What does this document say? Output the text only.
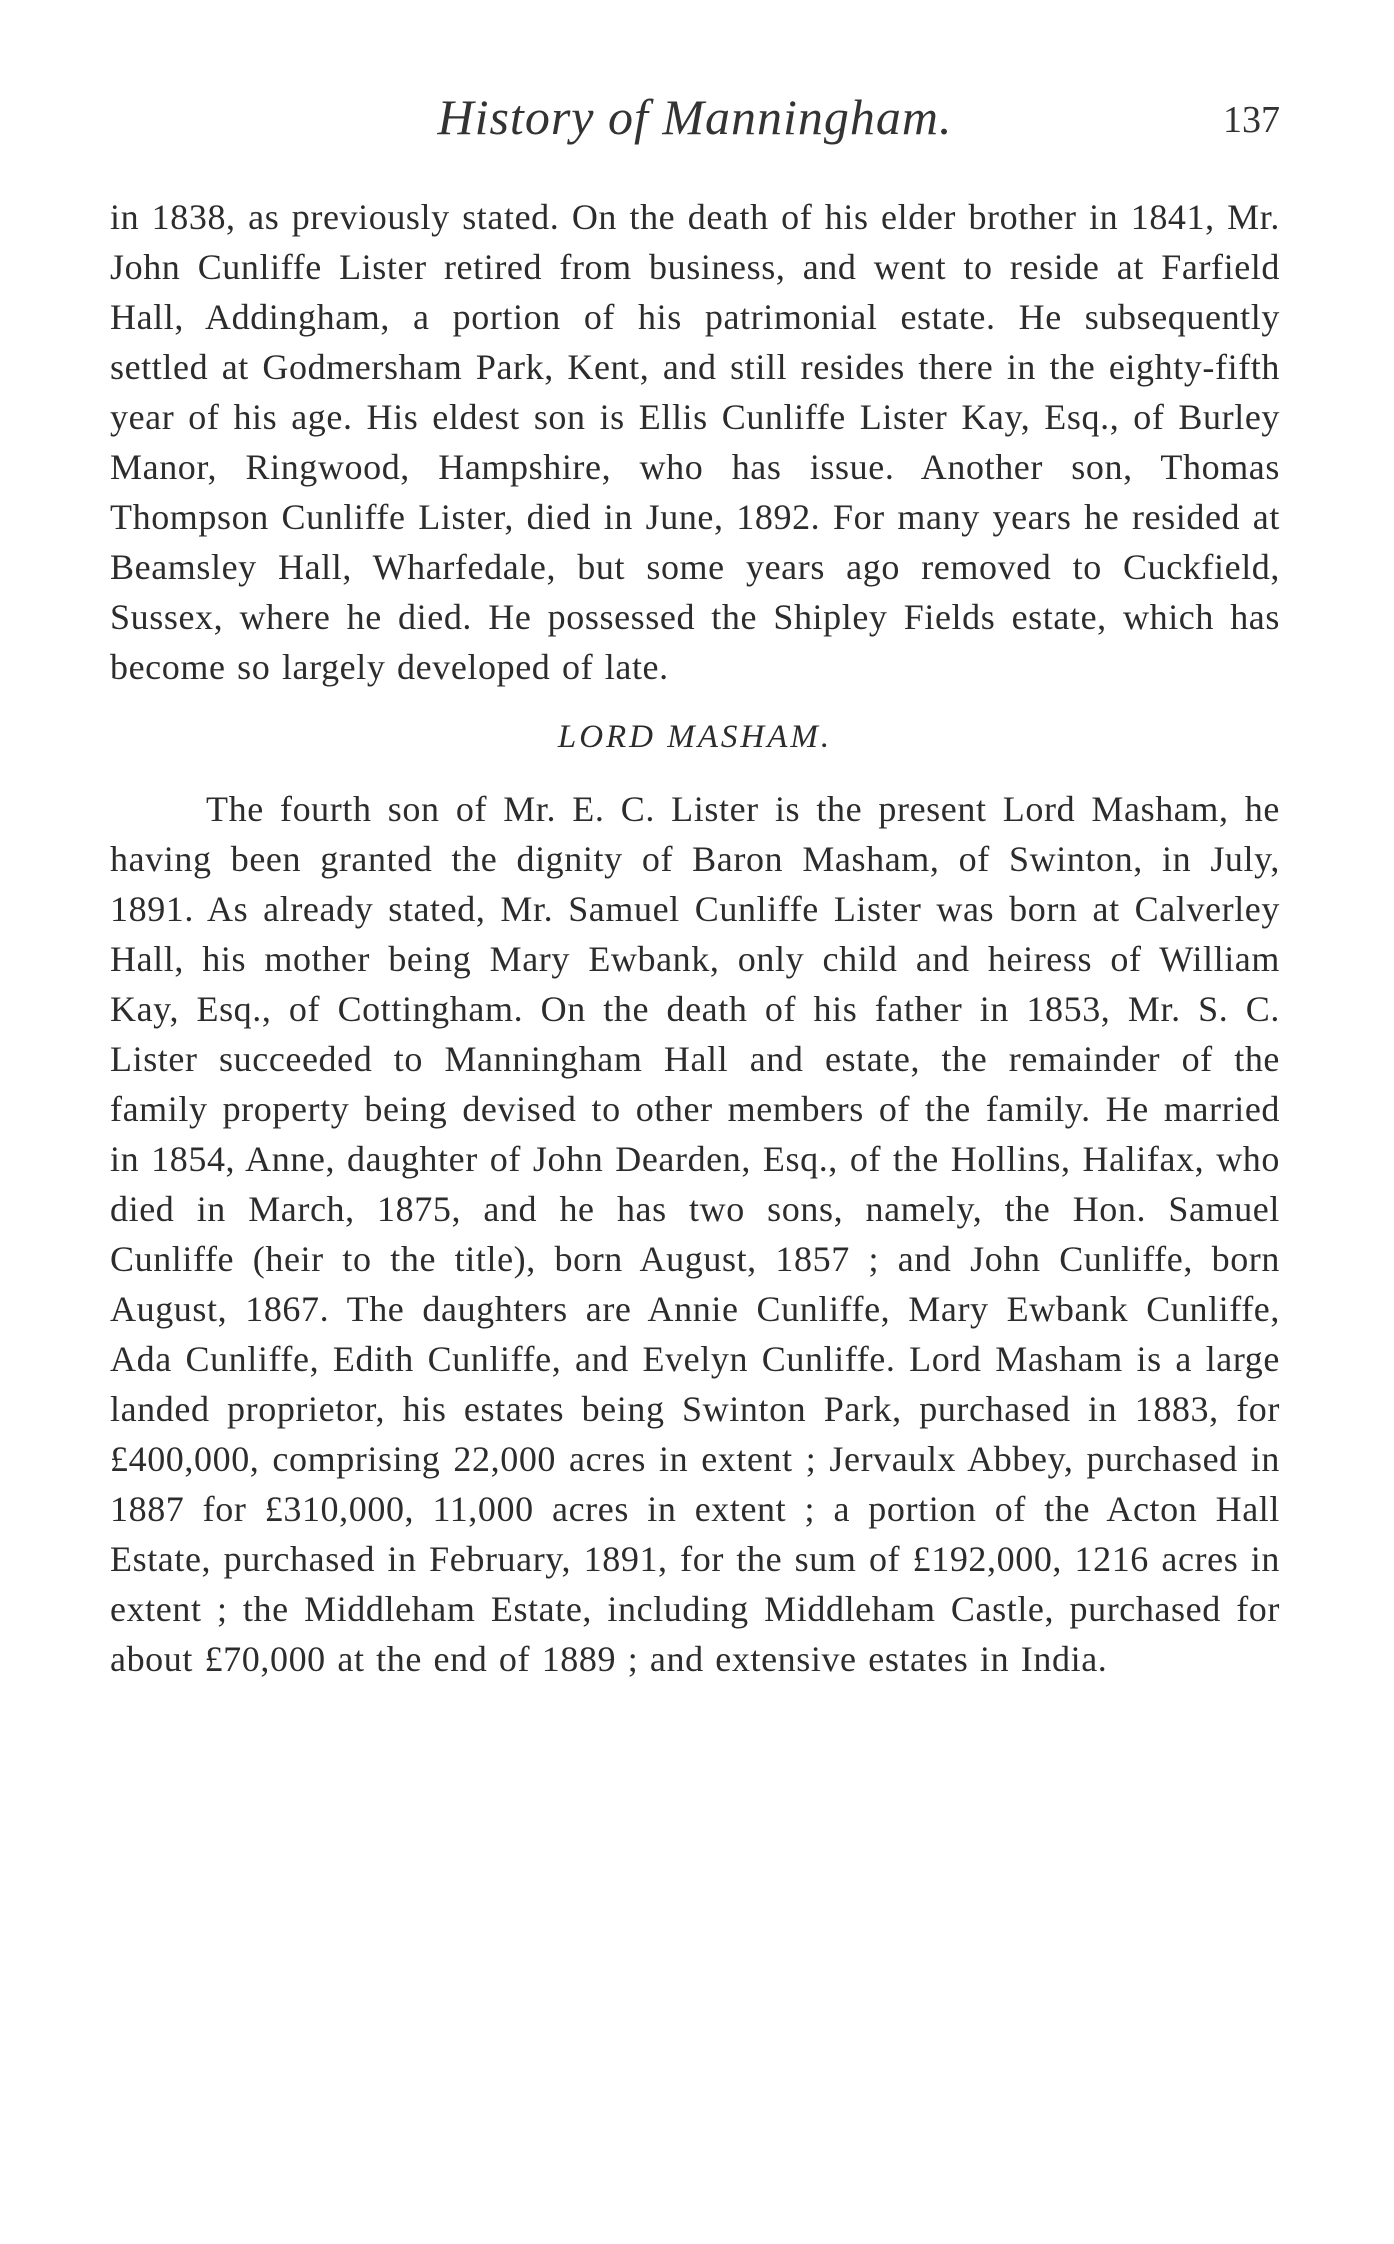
History of Manningham.	137

in 1838, as previously stated. On the death of his elder brother in 1841, Mr. John Cunliffe Lister retired from business, and went to reside at Farfield Hall, Addingham, a portion of his patrimonial estate. He subsequently settled at Godmersham Park, Kent, and still resides there in the eighty-fifth year of his age. His eldest son is Ellis Cunliffe Lister Kay, Esq., of Burley Manor, Ringwood, Hampshire, who has issue. Another son, Thomas Thompson Cunliffe Lister, died in June, 1892. For many years he resided at Beamsley Hall, Wharfedale, but some years ago removed to Cuckfield, Sussex, where he died. He possessed the Shipley Fields estate, which has become so largely developed of late.

LORD MASHAM.

The fourth son of Mr. E. C. Lister is the present Lord Masham, he having been granted the dignity of Baron Masham, of Swinton, in July, 1891. As already stated, Mr. Samuel Cunliffe Lister was born at Calverley Hall, his mother being Mary Ewbank, only child and heiress of William Kay, Esq., of Cottingham. On the death of his father in 1853, Mr. S. C. Lister succeeded to Manningham Hall and estate, the remainder of the family property being devised to other members of the family. He married in 1854, Anne, daughter of John Dearden, Esq., of the Hollins, Halifax, who died in March, 1875, and he has two sons, namely, the Hon. Samuel Cunliffe (heir to the title), born August, 1857 ; and John Cunliffe, born August, 1867. The daughters are Annie Cunliffe, Mary Ewbank Cunliffe, Ada Cunliffe, Edith Cunliffe, and Evelyn Cunliffe. Lord Masham is a large landed proprietor, his estates being Swinton Park, purchased in 1883, for £400,000, comprising 22,000 acres in extent ; Jervaulx Abbey, purchased in 1887 for £310,000, 11,000 acres in extent ; a portion of the Acton Hall Estate, purchased in February, 1891, for the sum of £192,000, 1216 acres in extent ; the Middleham Estate, including Middleham Castle, purchased for about £70,000 at the end of 1889 ; and extensive estates in India.
